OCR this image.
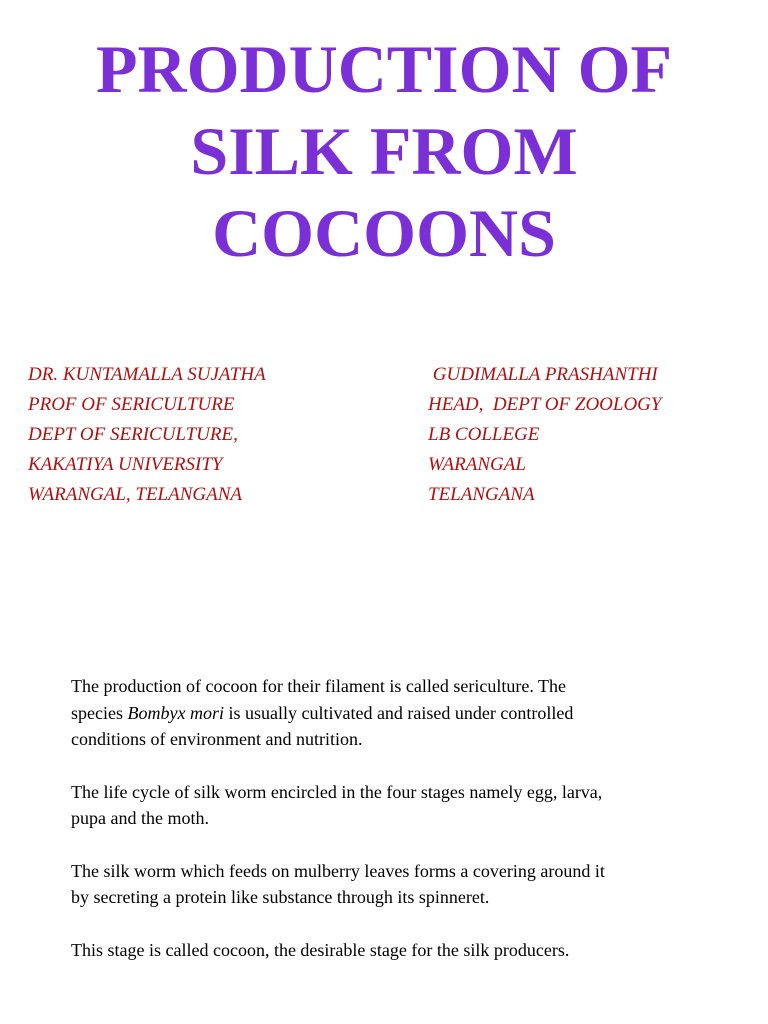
PRODUCTION OF
SILK FROM
COCOONS
DR. KUNTAMALLA SUJATHA
PROF OF SERICULTURE
DEPT OF SERICULTURE,
KAKATIYA UNIVERSITY
WARANGAL, TELANGANA
GUDIMALLA PRASHANTHI
HEAD,  DEPT OF ZOOLOGY
LB COLLEGE
WARANGAL
TELANGANA

The production of cocoon for their filament is called sericulture. The
species Bombyx mori is usually cultivated and raised under controlled
conditions of environment and nutrition.

The life cycle of silk worm encircled in the four stages namely egg, larva,
pupa and the moth.

The silk worm which feeds on mulberry leaves forms a covering around it
by secreting a protein like substance through its spinneret.

This stage is called cocoon, the desirable stage for the silk producers.
